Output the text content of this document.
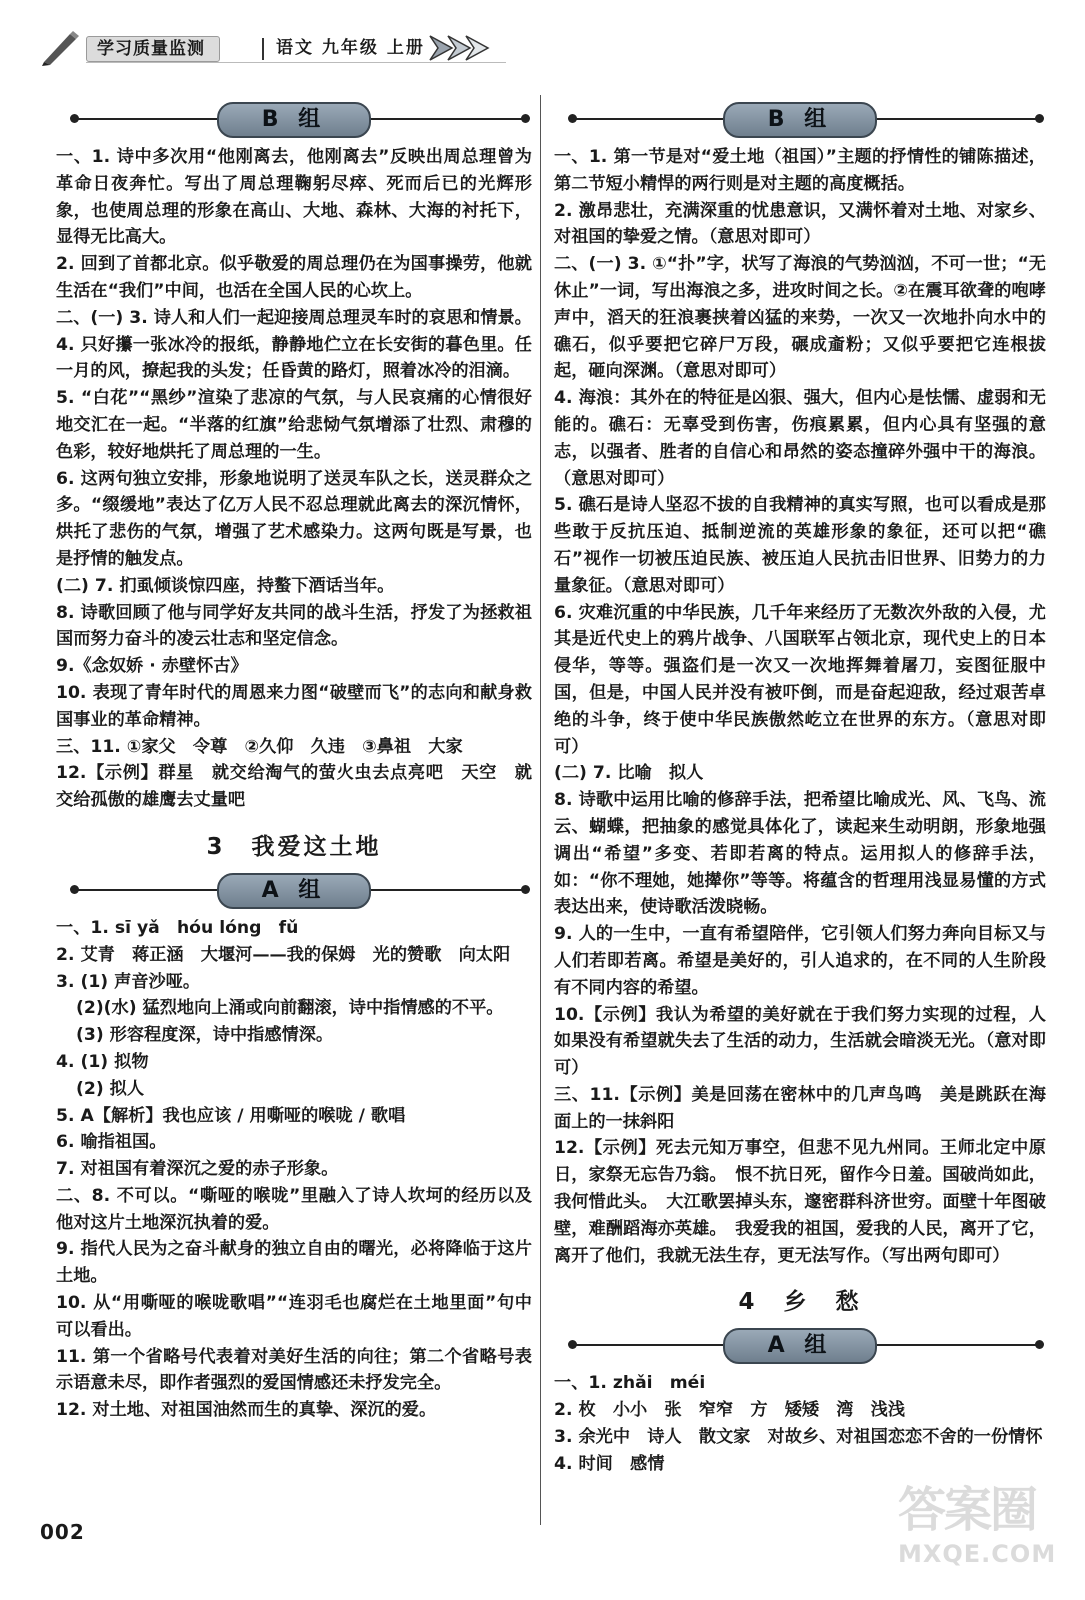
学习质量监测	语文 九年级 上册
B 组

一、1. 诗中多次用“他刚离去，他刚离去”反映出周总理曾为革命日夜奔忙。写出了周总理鞠躬尽瘁、死而后已的光辉形象，也使周总理的形象在高山、大地、森林、大海的衬托下，显得无比高大。

2. 回到了首都北京。似乎敬爱的周总理仍在为国事操劳，他就生活在“我们”中间，也活在全国人民的心坎上。

二、(一) 3. 诗人和人们一起迎接周总理灵车时的哀思和情景。

4. 只好攥一张冰冷的报纸，静静地伫立在长安街的暮色里。任一月的风，撩起我的头发；任昏黄的路灯，照着冰冷的泪滴。

5. “白花”“黑纱”渲染了悲凉的气氛，与人民哀痛的心情很好地交汇在一起。“半落的红旗”给悲恸气氛增添了壮烈、肃穆的色彩，较好地烘托了周总理的一生。

6. 这两句独立安排，形象地说明了送灵车队之长，送灵群众之多。“缀缓地”表达了亿万人民不忍总理就此离去的深沉情怀，烘托了悲伤的气氛，增强了艺术感染力。这两句既是写景，也是抒情的触发点。

(二) 7. 扪虱倾谈惊四座，持螯下酒话当年。

8. 诗歌回顾了他与同学好友共同的战斗生活，抒发了为拯救祖国而努力奋斗的凌云壮志和坚定信念。

9.《念奴娇 · 赤壁怀古》

10. 表现了青年时代的周恩来力图“破壁而飞”的志向和献身救国事业的革命精神。

三、11. ①家父　令尊　②久仰　久违　③鼻祖　大家

12.【示例】群星　就交给淘气的萤火虫去点亮吧　天空　就交给孤傲的雄鹰去丈量吧

3　我爱这土地
A 组

一、1. sī yǎ　hóu lóng　fǔ

2. 艾青　蒋正涵　大堰河——我的保姆　光的赞歌　向太阳

3. (1) 声音沙哑。

(2)(水) 猛烈地向上涌或向前翻滚，诗中指情感的不平。

(3) 形容程度深，诗中指感情深。

4. (1) 拟物

(2) 拟人

5. A【解析】我也应该 / 用嘶哑的喉咙 / 歌唱

6. 喻指祖国。

7. 对祖国有着深沉之爱的赤子形象。

二、8. 不可以。“嘶哑的喉咙”里融入了诗人坎坷的经历以及他对这片土地深沉执着的爱。

9. 指代人民为之奋斗献身的独立自由的曙光，必将降临于这片土地。

10. 从“用嘶哑的喉咙歌唱”“连羽毛也腐烂在土地里面”句中可以看出。

11. 第一个省略号代表着对美好生活的向往；第二个省略号表示语意未尽，即作者强烈的爱国情感还未抒发完全。

12. 对土地、对祖国油然而生的真挚、深沉的爱。

B 组

一、1. 第一节是对“爱土地（祖国）”主题的抒情性的铺陈描述，第二节短小精悍的两行则是对主题的高度概括。

2. 激昂悲壮，充满深重的忧患意识，又满怀着对土地、对家乡、对祖国的挚爱之情。（意思对即可）

二、(一) 3. ①“扑”字，状写了海浪的气势汹汹，不可一世；“无休止”一词，写出海浪之多，进攻时间之长。②在震耳欲聋的咆哮声中，滔天的狂浪裹挟着凶猛的来势，一次又一次地扑向水中的礁石，似乎要把它碎尸万段，碾成齑粉；又似乎要把它连根拔起，砸向深渊。（意思对即可）

4. 海浪：其外在的特征是凶狠、强大，但内心是怯懦、虚弱和无能的。礁石：无辜受到伤害，伤痕累累，但内心具有坚强的意志，以强者、胜者的自信心和昂然的姿态撞碎外强中干的海浪。（意思对即可）

5. 礁石是诗人坚忍不拔的自我精神的真实写照，也可以看成是那些敢于反抗压迫、抵制逆流的英雄形象的象征，还可以把“礁石”视作一切被压迫民族、被压迫人民抗击旧世界、旧势力的力量象征。（意思对即可）

6. 灾难沉重的中华民族，几千年来经历了无数次外敌的入侵，尤其是近代史上的鸦片战争、八国联军占领北京，现代史上的日本侵华，等等。强盗们是一次又一次地挥舞着屠刀，妄图征服中国，但是，中国人民并没有被吓倒，而是奋起迎敌，经过艰苦卓绝的斗争，终于使中华民族傲然屹立在世界的东方。（意思对即可）

(二) 7. 比喻　拟人

8. 诗歌中运用比喻的修辞手法，把希望比喻成光、风、飞鸟、流云、蝴蝶，把抽象的感觉具体化了，读起来生动明朗，形象地强调出“希望”多变、若即若离的特点。运用拟人的修辞手法，如：“你不理她，她撵你”等等。将蕴含的哲理用浅显易懂的方式表达出来，使诗歌活泼晓畅。

9. 人的一生中，一直有希望陪伴，它引领人们努力奔向目标又与人们若即若离。希望是美好的，引人追求的，在不同的人生阶段有不同内容的希望。

10.【示例】我认为希望的美好就在于我们努力实现的过程，人如果没有希望就失去了生活的动力，生活就会暗淡无光。（意对即可）

三、11.【示例】美是回荡在密林中的几声鸟鸣　美是跳跃在海面上的一抹斜阳

12.【示例】死去元知万事空，但悲不见九州同。王师北定中原日，家祭无忘告乃翁。　恨不抗日死，留作今日羞。国破尚如此，我何惜此头。　大江歌罢掉头东，邃密群科济世穷。面壁十年图破壁，难酬蹈海亦英雄。　我爱我的祖国，爱我的人民，离开了它，离开了他们，我就无法生存，更无法写作。（写出两句即可）

4　乡　愁
A 组

一、1. zhǎi　méi

2. 枚　小小　张　窄窄　方　矮矮　湾　浅浅

3. 余光中　诗人　散文家　对故乡、对祖国恋恋不舍的一份情怀

4. 时间　感情

002	答案圈
MXQE.COM
